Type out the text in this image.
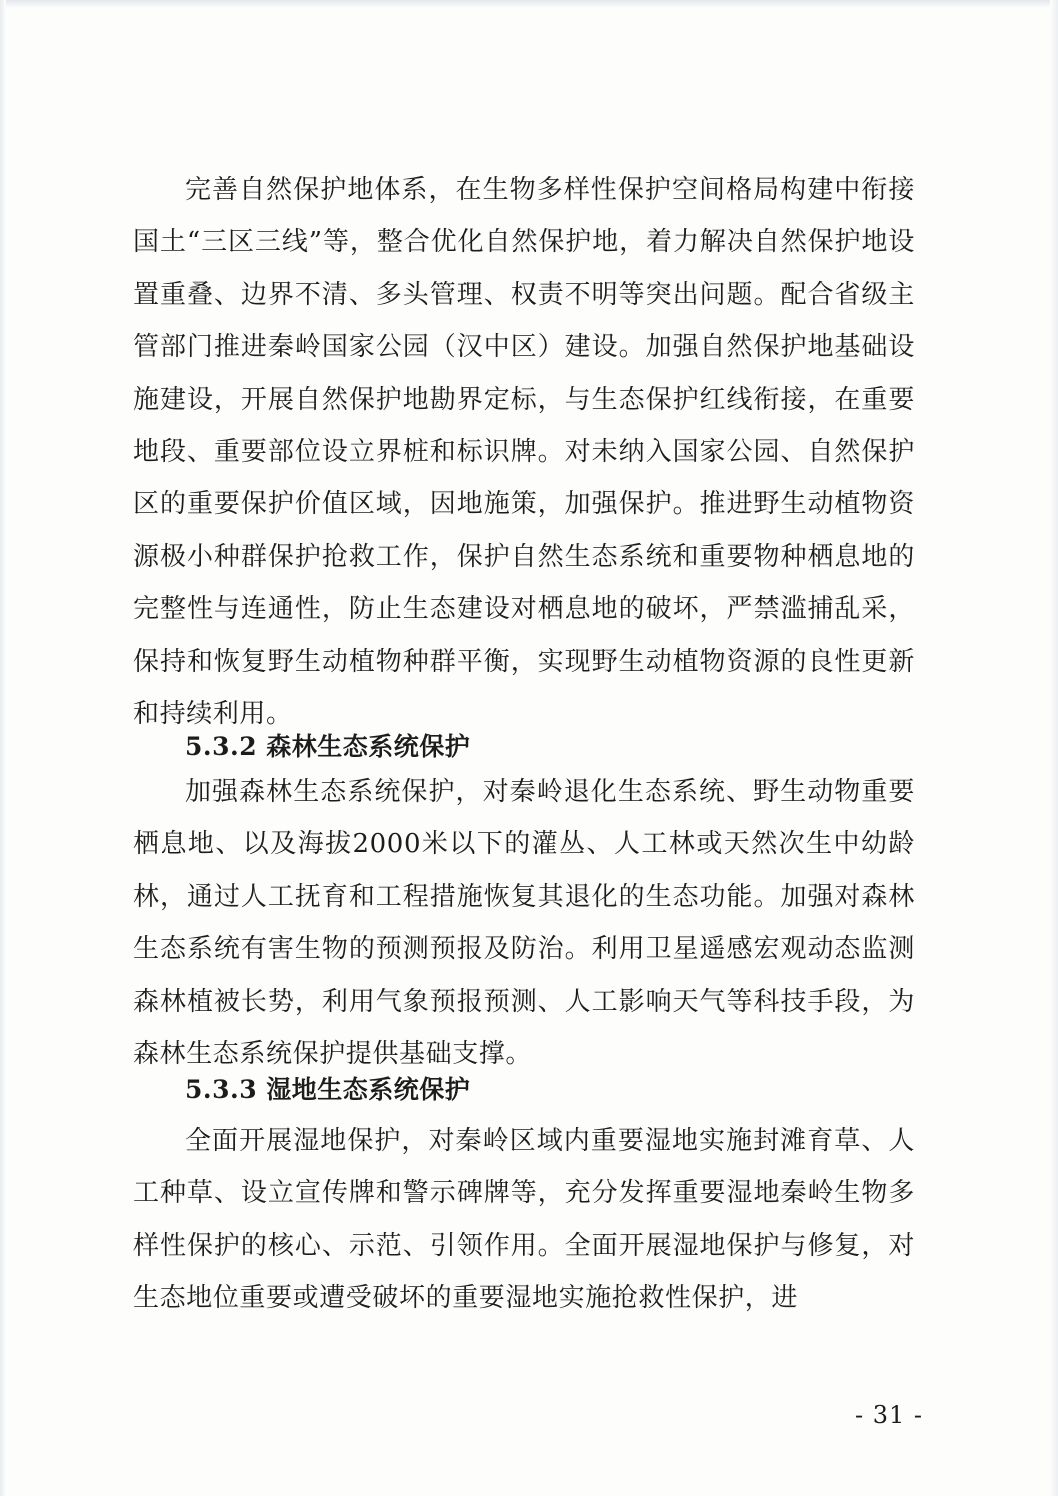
完善自然保护地体系，在生物多样性保护空间格局构建中衔接国土“三区三线”等，整合优化自然保护地，着力解决自然保护地设置重叠、边界不清、多头管理、权责不明等突出问题。配合省级主管部门推进秦岭国家公园（汉中区）建设。加强自然保护地基础设施建设，开展自然保护地勘界定标，与生态保护红线衔接，在重要地段、重要部位设立界桩和标识牌。对未纳入国家公园、自然保护区的重要保护价值区域，因地施策，加强保护。推进野生动植物资源极小种群保护抢救工作，保护自然生态系统和重要物种栖息地的完整性与连通性，防止生态建设对栖息地的破坏，严禁滥捕乱采，保持和恢复野生动植物种群平衡，实现野生动植物资源的良性更新和持续利用。

5.3.2 森林生态系统保护

加强森林生态系统保护，对秦岭退化生态系统、野生动物重要栖息地、以及海拔2000米以下的灌丛、人工林或天然次生中幼龄林，通过人工抚育和工程措施恢复其退化的生态功能。加强对森林生态系统有害生物的预测预报及防治。利用卫星遥感宏观动态监测森林植被长势，利用气象预报预测、人工影响天气等科技手段，为森林生态系统保护提供基础支撑。

5.3.3 湿地生态系统保护

全面开展湿地保护，对秦岭区域内重要湿地实施封滩育草、人工种草、设立宣传牌和警示碑牌等，充分发挥重要湿地秦岭生物多样性保护的核心、示范、引领作用。全面开展湿地保护与修复，对生态地位重要或遭受破坏的重要湿地实施抢救性保护，进

- 31 -
